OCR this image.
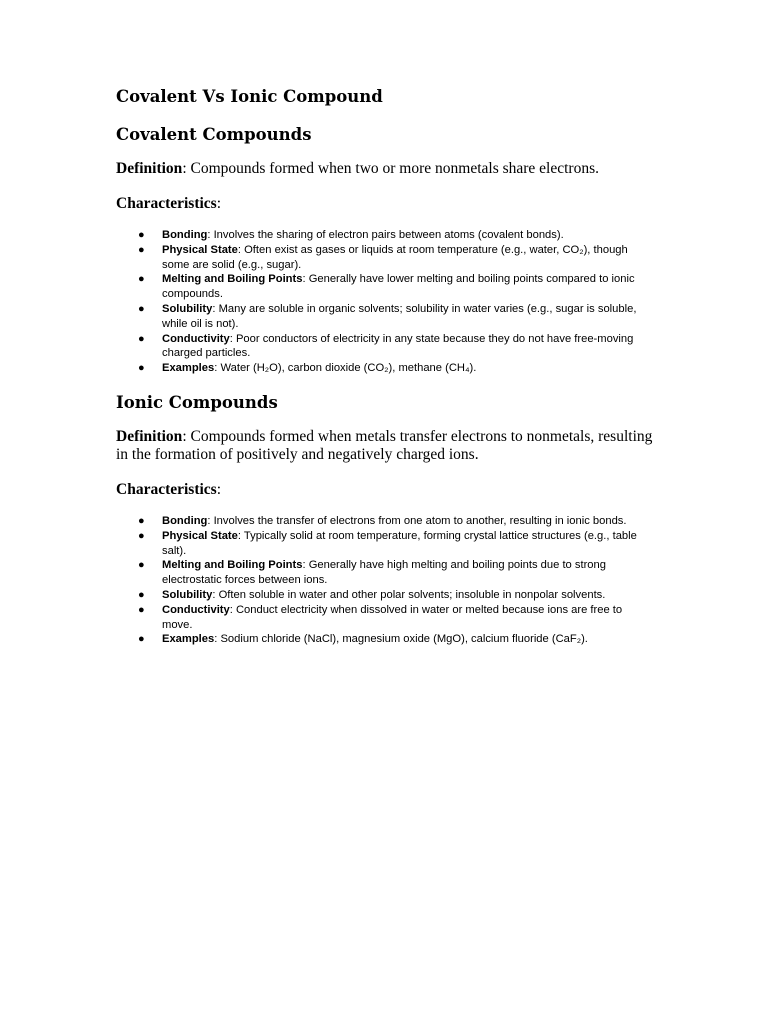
Covalent Vs Ionic Compound
Covalent Compounds

Definition: Compounds formed when two or more nonmetals share electrons.

Characteristics:

● Bonding: Involves the sharing of electron pairs between atoms (covalent bonds).
● Physical State: Often exist as gases or liquids at room temperature (e.g., water, CO₂), though some are solid (e.g., sugar).
● Melting and Boiling Points: Generally have lower melting and boiling points compared to ionic compounds.
● Solubility: Many are soluble in organic solvents; solubility in water varies (e.g., sugar is soluble, while oil is not).
● Conductivity: Poor conductors of electricity in any state because they do not have free-moving charged particles.
● Examples: Water (H₂O), carbon dioxide (CO₂), methane (CH₄).
Ionic Compounds

Definition: Compounds formed when metals transfer electrons to nonmetals, resulting in the formation of positively and negatively charged ions.

Characteristics:

● Bonding: Involves the transfer of electrons from one atom to another, resulting in ionic bonds.
● Physical State: Typically solid at room temperature, forming crystal lattice structures (e.g., table salt).
● Melting and Boiling Points: Generally have high melting and boiling points due to strong electrostatic forces between ions.
● Solubility: Often soluble in water and other polar solvents; insoluble in nonpolar solvents.
● Conductivity: Conduct electricity when dissolved in water or melted because ions are free to move.
● Examples: Sodium chloride (NaCl), magnesium oxide (MgO), calcium fluoride (CaF₂).
